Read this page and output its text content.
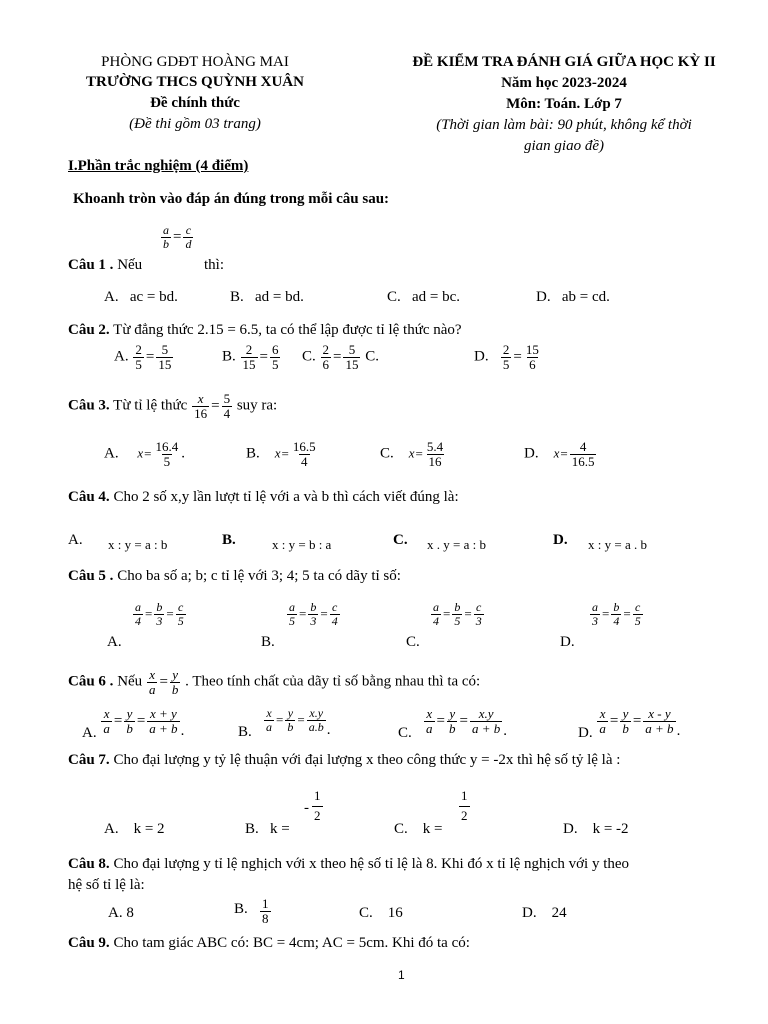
PHÒNG GDĐT HOÀNG MAI
TRƯỜNG THCS QUỲNH XUÂN
Đề chính thức
(Đề thi gồm 03 trang)
ĐỀ KIỂM TRA ĐÁNH GIÁ GIỮA HỌC KỲ II
Năm học 2023-2024
Môn: Toán. Lớp 7
(Thời gian làm bài: 90 phút, không kể thời
gian giao đề)
I.Phần trắc nghiệm (4 điểm)
Khoanh tròn vào đáp án đúng trong mỗi câu sau:
Câu 1 . Nếu
$\frac{a}{b} = \frac{c}{d}$
thì:
A. ac = bd.	B. ad = bd.	C. ad = bc.	D. ab = cd.
Câu 2. Từ đẳng thức 2.15 = 6.5, ta có thể lập được tỉ lệ thức nào?
A. $\frac{2}{5} = \frac{5}{15}$	B. $\frac{2}{15} = \frac{6}{5} C$. $\frac{2}{6} = \frac{5}{15} C$.	D. $\frac{2}{5} = \frac{15}{6}$
Câu 3. Từ tỉ lệ thức $\frac{x}{16} = \frac{5}{4}$ suy ra:
A. $x= \frac{16.4}{5}$ .	B. $x= \frac{16.5}{4}$	C. $x= \frac{5.4}{16}$	D. $x= \frac{4}{16.5}$
Câu 4. Cho 2 số x,y lần lượt tỉ lệ với a và b thì cách viết đúng là:
A. x : y = a : b	B.	x : y = b : a	C. x . y = a : b	D. x : y = a . b
Câu 5 . Cho ba số a; b; c tỉ lệ với 3; 4; 5 ta có dãy tỉ số:
$\frac{a}{4} = \frac{b}{3} = \frac{c}{5}$
A.
$\frac{a}{5} = \frac{b}{3} = \frac{c}{4}$
B.
$\frac{a}{4} = \frac{b}{5} = \frac{c}{3}$
C.
$\frac{a}{3} = \frac{b}{4} = \frac{c}{5}$
D.
Câu 6 . Nếu $\frac{x}{a} = \frac{y}{b}$ . Theo tính chất của dãy tỉ số bằng nhau thì ta có:
A. $\frac{x}{a} = \frac{y}{b} = \frac{x + y}{a + b}$ .	B. $\frac{x}{a} = \frac{y}{b} = \frac{x.y}{a.b}$ .	C. $\frac{x}{a} = \frac{y}{b} = \frac{x.y}{a + b}$ .	D. $\frac{x}{a} = \frac{y}{b} = \frac{x - y}{a + b}$ .
Câu 7. Cho đại lượng y tỷ lệ thuận với đại lượng x theo công thức y = -2x thì hệ số tỷ lệ là :
A. k = 2	B. k =
- $\frac{1}{2}$
C. k =
$\frac{1}{2}$
D. k = -2
Câu 8. Cho đại lượng y tỉ lệ nghịch với x theo hệ số tỉ lệ là 8. Khi đó x tỉ lệ nghịch với y theo
hệ số tỉ lệ là:
A. 8	B. $\frac{1}{8}$	C. 16	D. 24
Câu 9. Cho tam giác ABC có: BC = 4cm; AC = 5cm. Khi đó ta có:
1
